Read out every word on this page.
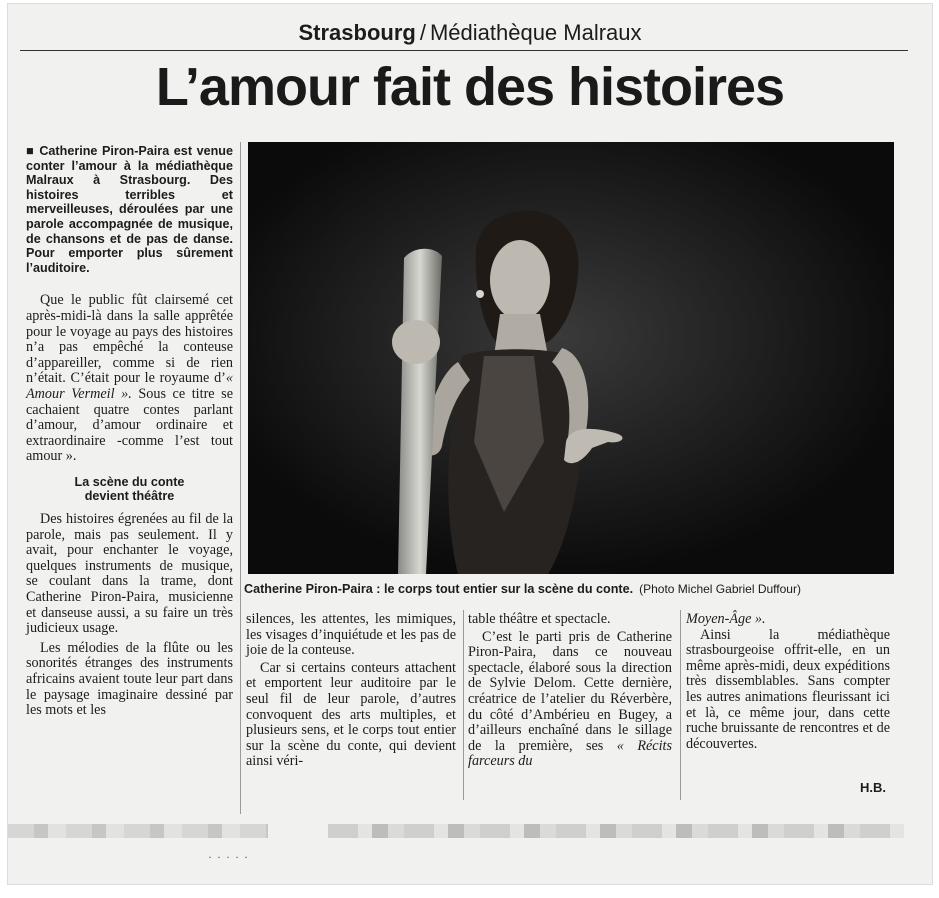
Strasbourg / Médiathèque Malraux
L’amour fait des histoires

■ Catherine Piron-Paira est venue conter l’amour à la médiathèque Malraux à Strasbourg. Des histoires terribles et merveilleuses, déroulées par une parole accompagnée de musique, de chansons et de pas de danse. Pour emporter plus sûrement l’auditoire.

Que le public fût clairsemé cet après-midi-là dans la salle apprêtée pour le voyage au pays des histoires n’a pas empêché la conteuse d’appareiller, comme si de rien n’était. C’était pour le royaume d’« Amour Vermeil ». Sous ce titre se cachaient quatre contes parlant d’amour, d’amour ordinaire et extraordinaire -comme l’est tout amour ».

La scène du conte
devient théâtre

Des histoires égrenées au fil de la parole, mais pas seulement. Il y avait, pour enchanter le voyage, quelques instruments de musique, se coulant dans la trame, dont Catherine Piron-Paira, musicienne et danseuse aussi, a su faire un très judicieux usage.

Les mélodies de la flûte ou les sonorités étranges des instruments africains avaient toute leur part dans le paysage imaginaire dessiné par les mots et les

Catherine Piron-Paira : le corps tout entier sur la scène du conte. (Photo Michel Gabriel Duffour)

silences, les attentes, les mimiques, les visages d’inquiétude et les pas de joie de la conteuse.

Car si certains conteurs attachent et emportent leur auditoire par le seul fil de leur parole, d’autres convoquent des arts multiples, et plusieurs sens, et le corps tout entier sur la scène du conte, qui devient ainsi véri-

table théâtre et spectacle.

C’est le parti pris de Catherine Piron-Paira, dans ce nouveau spectacle, élaboré sous la direction de Sylvie Delom. Cette dernière, créatrice de l’atelier du Réverbère, du côté d’Ambérieu en Bugey, a d’ailleurs enchaîné dans le sillage de la première, ses « Récits farceurs du

Moyen-Âge ».

Ainsi la médiathèque strasbourgeoise offrit-elle, en un même après-midi, deux expéditions très dissemblables. Sans compter les autres animations fleurissant ici et là, ce même jour, dans cette ruche bruissante de rencontres et de découvertes.

H.B.
· · · · ·
